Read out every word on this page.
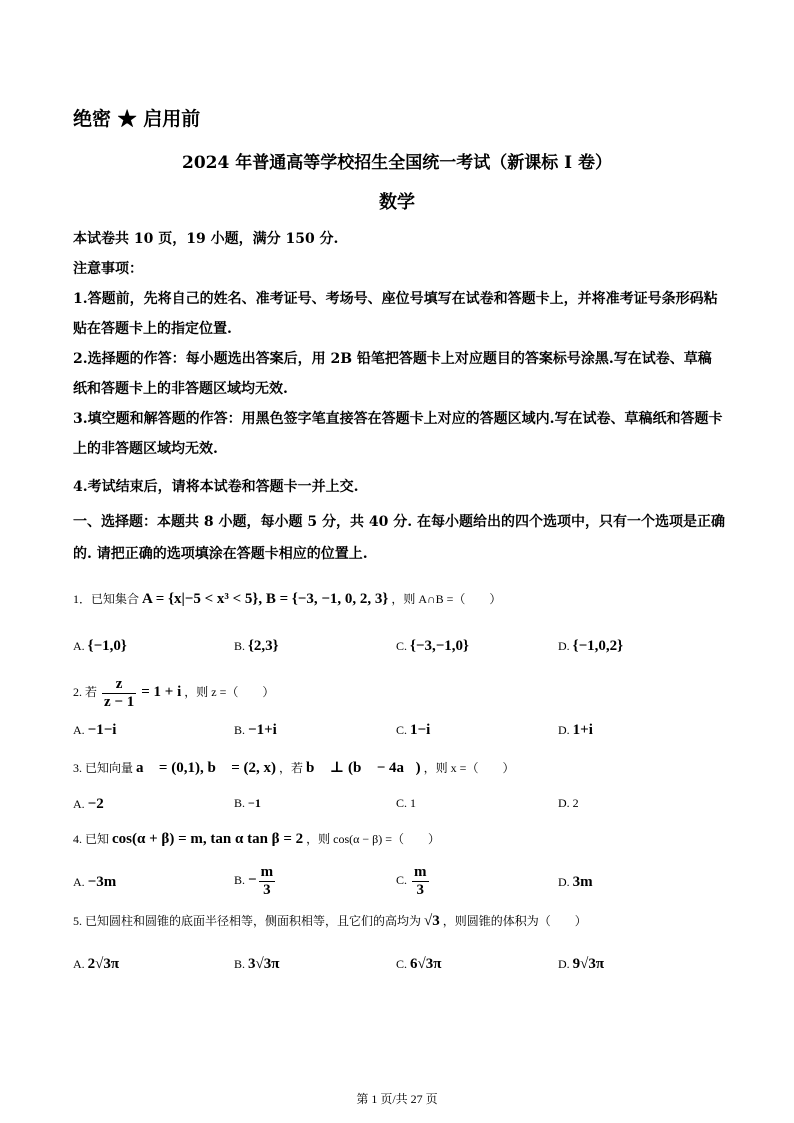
绝密 ★ 启用前
2024 年普通高等学校招生全国统一考试（新课标 I 卷）
数学
本试卷共 10 页，19 小题，满分 150 分.
注意事项：
1.答题前，先将自己的姓名、准考证号、考场号、座位号填写在试卷和答题卡上，并将准考证号条形码粘贴在答题卡上的指定位置.
2.选择题的作答：每小题选出答案后，用 2B 铅笔把答题卡上对应题目的答案标号涂黑.写在试卷、草稿纸和答题卡上的非答题区域均无效.
3.填空题和解答题的作答：用黑色签字笔直接答在答题卡上对应的答题区域内.写在试卷、草稿纸和答题卡上的非答题区域均无效.
4.考试结束后，请将本试卷和答题卡一并上交.
一、选择题：本题共 8 小题，每小题 5 分，共 40 分. 在每小题给出的四个选项中，只有一个选项是正确的. 请把正确的选项填涂在答题卡相应的位置上.
1．已知集合 A = {x|−5 < x³ < 5}, B = {−3, −1, 0, 2, 3} ，则 A∩B =（　　）
A. {−1,0}	B. {2,3}	C. {−3,−1,0}	D. {−1,0,2}
2. 若 $\frac{z}{z - 1} = 1 + i$ ，则 z =（　　）
A. −1−i	B. −1+i	C. 1−i	D. 1+i
3. 已知向量 a⃗ = (0,1), b⃗ = (2, x) ，若 b⃗ ⊥ (b⃗ − 4a⃗) ，则 x =（　　）
A. −2	B. −1	C. 1	D. 2
4. 已知 cos(α + β) = m, tan α tan β = 2 ，则 cos(α − β) =（　　）
A. −3m	B. − $\frac{m}{3}$	C. $\frac{m}{3}$	D. 3m
5. 已知圆柱和圆锥的底面半径相等，侧面积相等，且它们的高均为 √3 ，则圆锥的体积为（　　）
A. 2√3π	B. 3√3π	C. 6√3π	D. 9√3π
第 1 页/共 27 页
